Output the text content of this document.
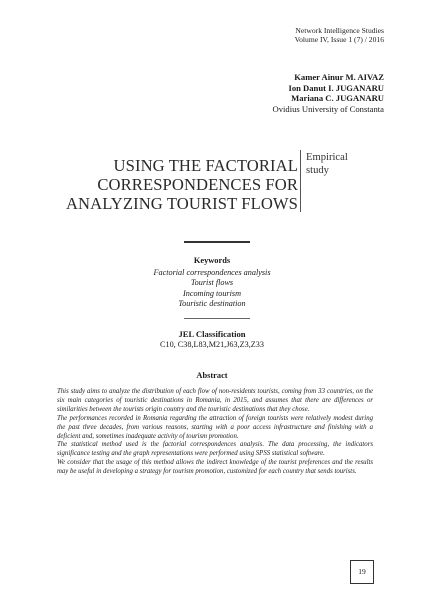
Network Intelligence Studies
Volume IV, Issue 1 (7) / 2016
Kamer Ainur M. AIVAZ
Ion Danut I. JUGANARU
Mariana C. JUGANARU
Ovidius University of Constanta
USING THE FACTORIAL
CORRESPONDENCES FOR
ANALYZING TOURIST FLOWS
Empirical
study
Keywords
Factorial correspondences analysis
Tourist flows
Incoming tourism
Touristic destination
JEL Classification
C10, C38,L83,M21,J63,Z3,Z33
Abstract

This study aims to analyze the distribution of each flow of non-residents tourists, coming from 33 countries, on the six main categories of touristic destinations in Romania, in 2015, and assumes that there are differences or similarities between the tourists origin country and the touristic destinations that they chose.

The performances recorded in Romania regarding the attraction of foreign tourists were relatively modest during the past three decades, from various reasons, starting with a poor access infrastructure and finishing with a deficient and, sometimes inadequate activity of tourism promotion.

The statistical method used is the factorial correspondences analysis. The data processing, the indicators significance testing and the graph representations were performed using SPSS statistical software.

We consider that the usage of this method allows the indirect knowledge of the tourist preferences and the results may be useful in developing a strategy for tourism promotion, customized for each country that sends tourists.

19
